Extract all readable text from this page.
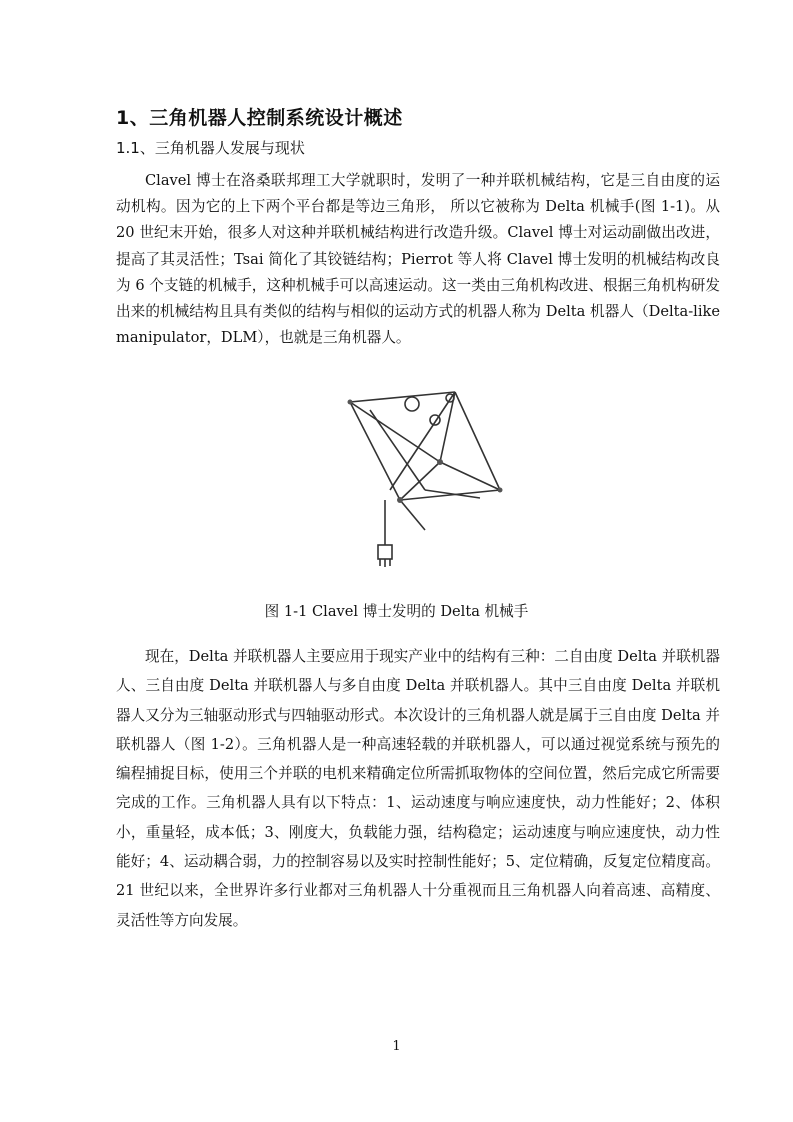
1、三角机器人控制系统设计概述
1.1、三角机器人发展与现状
Clavel 博士在洛桑联邦理工大学就职时，发明了一种并联机械结构，它是三自由度的运动机构。因为它的上下两个平台都是等边三角形， 所以它被称为 Delta 机械手(图 1-1)。从 20 世纪末开始，很多人对这种并联机械结构进行改造升级。Clavel 博士对运动副做出改进，提高了其灵活性；Tsai 简化了其铰链结构；Pierrot 等人将 Clavel 博士发明的机械结构改良为 6 个支链的机械手，这种机械手可以高速运动。这一类由三角机构改进、根据三角机构研发出来的机械结构且具有类似的结构与相似的运动方式的机器人称为 Delta 机器人（Delta-like manipulator，DLM），也就是三角机器人。
图 1-1 Clavel 博士发明的 Delta 机械手
现在，Delta 并联机器人主要应用于现实产业中的结构有三种：二自由度 Delta 并联机器人、三自由度 Delta 并联机器人与多自由度 Delta 并联机器人。其中三自由度 Delta 并联机器人又分为三轴驱动形式与四轴驱动形式。本次设计的三角机器人就是属于三自由度 Delta 并联机器人（图 1-2）。三角机器人是一种高速轻载的并联机器人，可以通过视觉系统与预先的编程捕捉目标，使用三个并联的电机来精确定位所需抓取物体的空间位置，然后完成它所需要完成的工作。三角机器人具有以下特点：1、运动速度与响应速度快，动力性能好；2、体积小，重量轻，成本低；3、刚度大，负载能力强，结构稳定；运动速度与响应速度快，动力性能好；4、运动耦合弱，力的控制容易以及实时控制性能好；5、定位精确，反复定位精度高。21 世纪以来，全世界许多行业都对三角机器人十分重视而且三角机器人向着高速、高精度、灵活性等方向发展。
1
